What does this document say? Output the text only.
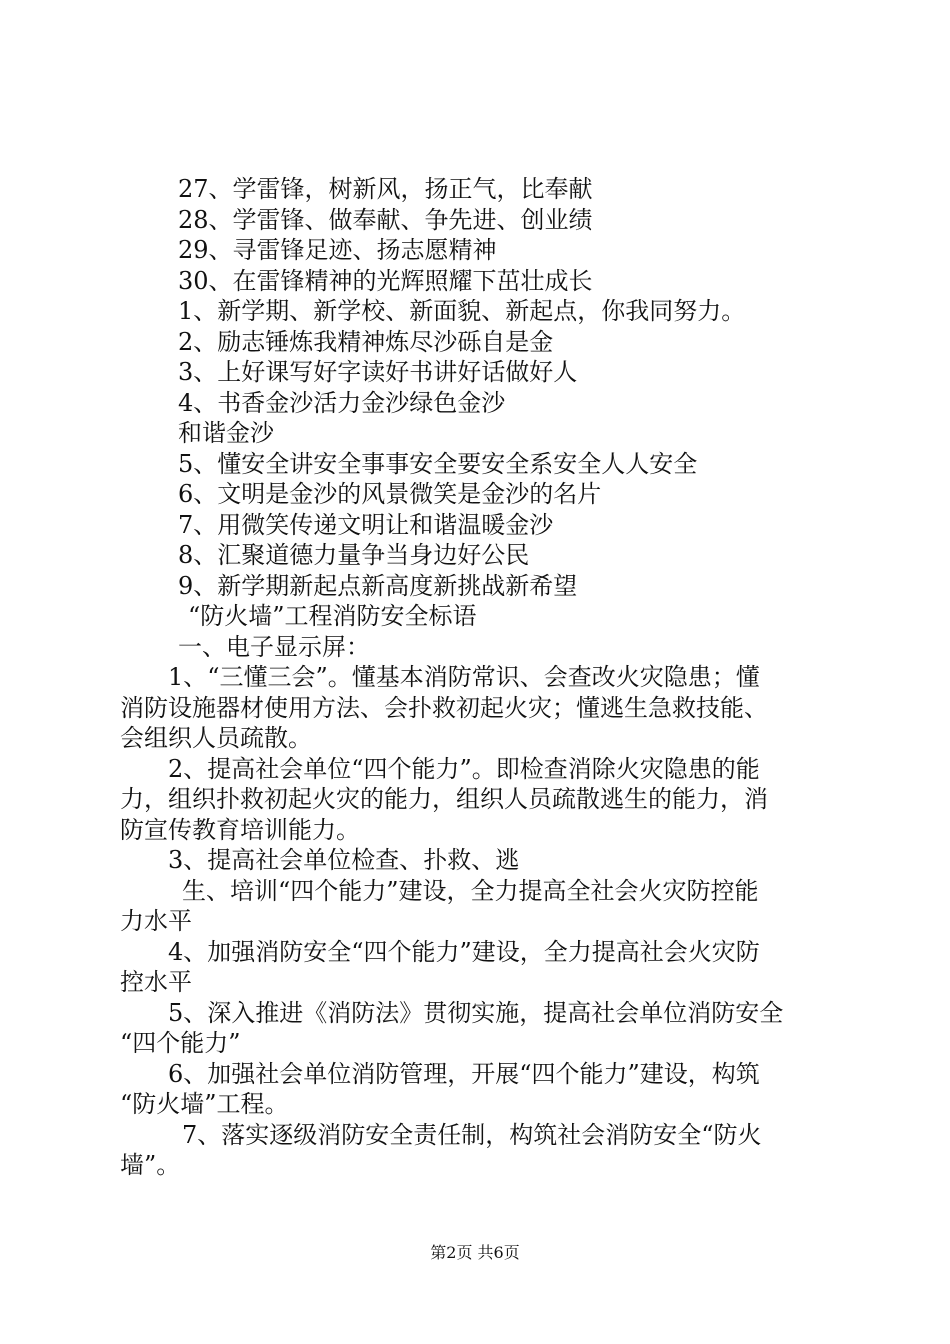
27、学雷锋，树新风，扬正气，比奉献
28、学雷锋、做奉献、争先进、创业绩
29、寻雷锋足迹、扬志愿精神
30、在雷锋精神的光辉照耀下茁壮成长
1、新学期、新学校、新面貌、新起点，你我同努力。
2、励志锤炼我精神炼尽沙砾自是金
3、上好课写好字读好书讲好话做好人
4、书香金沙活力金沙绿色金沙
和谐金沙
5、懂安全讲安全事事安全要安全系安全人人安全
6、文明是金沙的风景微笑是金沙的名片
7、用微笑传递文明让和谐温暖金沙
8、汇聚道德力量争当身边好公民
9、新学期新起点新高度新挑战新希望
“防火墙”工程消防安全标语
一、电子显示屏：
1、“三懂三会”。懂基本消防常识、会查改火灾隐患；懂
消防设施器材使用方法、会扑救初起火灾；懂逃生急救技能、
会组织人员疏散。
2、提高社会单位“四个能力”。即检查消除火灾隐患的能
力，组织扑救初起火灾的能力，组织人员疏散逃生的能力，消
防宣传教育培训能力。
3、提高社会单位检查、扑救、逃
生、培训“四个能力”建设，全力提高全社会火灾防控能
力水平
4、加强消防安全“四个能力”建设，全力提高社会火灾防
控水平
5、深入推进《消防法》贯彻实施，提高社会单位消防安全
“四个能力”
6、加强社会单位消防管理，开展“四个能力”建设，构筑
“防火墙”工程。
7、落实逐级消防安全责任制，构筑社会消防安全“防火
墙”。
第2页 共6页
